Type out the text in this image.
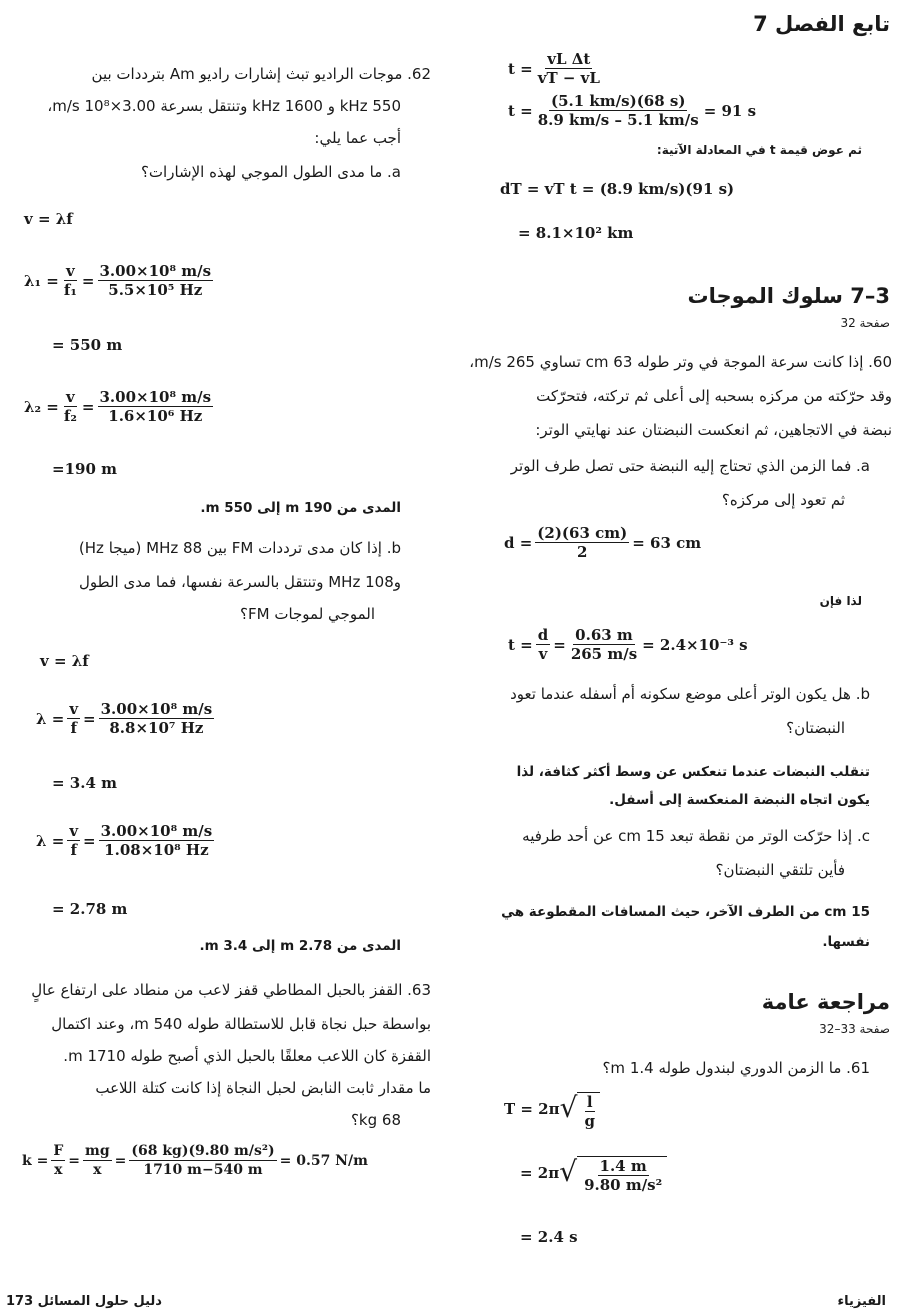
تابع الفصل 7
$t = \frac{\text{vL Δt}}{vT - vL}$
$t = \frac{(5.1 km/s)(68 s)}{8.9 km/s - 5.1 km/s} = 91$ s
ثم عوض قيمة t في المعادلة الآتية:
dT = vT t = (8.9 km/s)(91 s)
= 8.1×10² km
3–7 سلوك الموجات
صفحة 32
60. إذا كانت سرعة الموجة في وتر طوله 63 cm تساوي 265 m/s،
وقد حرّكته من مركزه بسحبه إلى أعلى ثم تركته، فتحرّكت
نبضة في الاتجاهين، ثم انعكست النبضتان عند نهايتي الوتر:
a. فما الزمن الذي تحتاج إليه النبضة حتى تصل طرف الوتر
ثم تعود إلى مركزه؟
$d = \frac{(2)(63 cm)}{2} = 63$ cm
لذا فإن
$t = \frac{d}{v} = \frac{0.63 m}{265 m/s} = 2.4\times 10^{-3}$ s
b. هل يكون الوتر أعلى موضع سكونه أم أسفله عندما تعود
النبضتان؟
تنقلب النبضات عندما تنعكس عن وسط أكثر كثافة، لذا
يكون اتجاه النبضة المنعكسة إلى أسفل.
c. إذا حرّكت الوتر من نقطة تبعد 15 cm عن أحد طرفيه
فأين تلتقي النبضتان؟
15 cm من الطرف الآخر، حيث المسافات المقطوعة هي
نفسها.
مراجعة عامة
صفحة 33–32
61. ما الزمن الدوري لبندول طوله 1.4 m؟
T = 2π √ $\frac{l}{g}$
= 2π √ $\frac{1.4 m}{\text{9.80 m/s²}}$
= 2.4 s
الفيزياء
62. موجات الراديو تبث إشارات راديو Am بترددات بين
550 kHz و 1600 kHz وتنتقل بسرعة 3.00×10⁸ m/s،
أجب عما يلي:
a. ما مدى الطول الموجي لهذه الإشارات؟
v = λf
$\lambda_1 = \frac{v}{\text{f₁}} = \frac{\text{3.00×10⁸ m/s}}{\text{5.5×10⁵ Hz}}$
= 550 m
$\lambda_2 = \frac{v}{\text{f₂}} = \frac{\text{3.00×10⁸ m/s}}{\text{1.6×10⁶ Hz}}$
=190 m
المدى من 190 m إلى 550 m.
b. إذا كان مدى ترددات FM بين 88 MHz (ميجا Hz)
و108 MHz وتنتقل بالسرعة نفسها، فما مدى الطول
الموجي لموجات FM؟
v = λf
$\lambda = \frac{v}{f} = \frac{\text{3.00×10⁸ m/s}}{\text{8.8×10⁷ Hz}}$
= 3.4 m
$\lambda = \frac{v}{f} = \frac{\text{3.00×10⁸ m/s}}{\text{1.08×10⁸ Hz}}$
= 2.78 m
المدى من 2.78 m إلى 3.4 m.
63. القفز بالحبل المطاطي قفز لاعب من منطاد على ارتفاع عالٍ
بواسطة حبل نجاة قابل للاستطالة طوله 540 m، وعند اكتمال
القفزة كان اللاعب معلقًا بالحبل الذي أصبح طوله 1710 m.
ما مقدار ثابت النابض لحبل النجاة إذا كانت كتلة اللاعب
68 kg؟
$k = \frac{F}{x} = \frac{mg}{x} = \frac{\text{(68 kg)(9.80 m/s²)}}{1710 m-540 m} = 0.57$ N/m
دليل حلول المسائل 173
